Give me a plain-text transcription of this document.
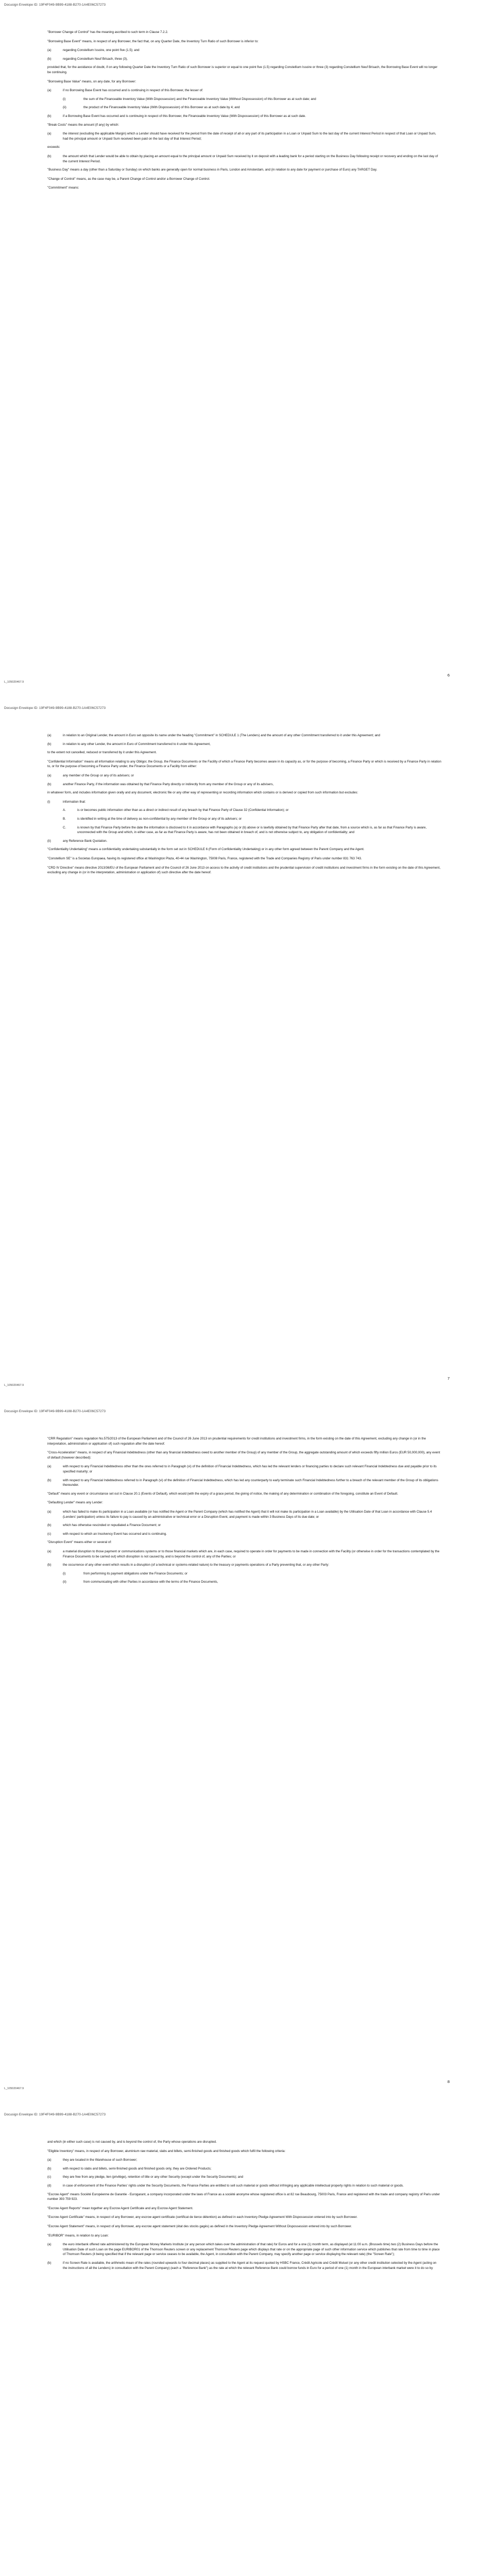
Docusign Envelope ID: 19F4F049-9B99-4188-B270-1A4E06C57273
"Borrower Change of Control" has the meaning ascribed to such term in Clause 7.2.2.
"Borrowing Base Event" means, in respect of any Borrower, the fact that, on any Quarter Date, the Inventory Turn Ratio of such Borrower is inferior to:
(a)	regarding Constellium Issoire, one point five (1.5); and
(b)	regarding Constellium Neuf Brisach, three (3),
provided that, for the avoidance of doubt, if on any following Quarter Date the Inventory Turn Ratio of such Borrower is superior or equal to one point five (1.5) regarding Constellium Issoire or three (3) regarding Constellium Neuf Brisach, the Borrowing Base Event will no longer be continuing.
"Borrowing Base Value" means, on any date, for any Borrower:
(a)	if no Borrowing Base Event has occurred and is continuing in respect of this Borrower, the lesser of:
(i)	the sum of the Financeable Inventory Value (With Dispossession) and the Financeable Inventory Value (Without Dispossession) of this Borrower as at such date; and
(ii)	the product of the Financeable Inventory Value (With Dispossession) of this Borrower as at such date by 4; and
(b)	if a Borrowing Base Event has occurred and is continuing in respect of this Borrower, the Financeable Inventory Value (With Dispossession) of this Borrower as at such date.
"Break Costs" means the amount (if any) by which:
(a)	the interest (excluding the applicable Margin) which a Lender should have received for the period from the date of receipt of all or any part of its participation in a Loan or Unpaid Sum to the last day of the current Interest Period in respect of that Loan or Unpaid Sum, had the principal amount or Unpaid Sum received been paid on the last day of that Interest Period;
exceeds:
(b)	the amount which that Lender would be able to obtain by placing an amount equal to the principal amount or Unpaid Sum received by it on deposit with a leading bank for a period starting on the Business Day following receipt or recovery and ending on the last day of the current Interest Period.
"Business Day" means a day (other than a Saturday or Sunday) on which banks are generally open for normal business in Paris, London and Amsterdam, and (in relation to any date for payment or purchase of Euro) any TARGET Day.
"Change of Control" means, as the case may be, a Parent Change of Control and/or a Borrower Change of Control.
"Commitment" means:
6
L_105020467.9
Docusign Envelope ID: 19F4F049-9B99-4188-B270-1A4E06C57273
(a)	in relation to an Original Lender, the amount in Euro set opposite its name under the heading "Commitment" in SCHEDULE 1 (The Lenders) and the amount of any other Commitment transferred to it under this Agreement; and
(b)	in relation to any other Lender, the amount in Euro of Commitment transferred to it under this Agreement,
to the extent not cancelled, reduced or transferred by it under this Agreement.
"Confidential Information" means all information relating to any Obligor, the Group, the Finance Documents or the Facility of which a Finance Party becomes aware in its capacity as, or for the purpose of becoming, a Finance Party or which is received by a Finance Party in relation to, or for the purpose of becoming a Finance Party under, the Finance Documents or a Facility from either:
(a)	any member of the Group or any of its advisers; or
(b)	another Finance Party, if the information was obtained by that Finance Party directly or indirectly from any member of the Group or any of its advisers,
in whatever form, and includes information given orally and any document, electronic file or any other way of representing or recording information which contains or is derived or copied from such information but excludes:
(i)	information that:
A.	is or becomes public information other than as a direct or indirect result of any breach by that Finance Party of Clause 32 (Confidential Information); or
B.	is identified in writing at the time of delivery as non-confidential by any member of the Group or any of its advisers; or
C.	is known by that Finance Party before the date the information is disclosed to it in accordance with Paragraphs (a) or (b) above or is lawfully obtained by that Finance Party after that date, from a source which is, as far as that Finance Party is aware, unconnected with the Group and which, in either case, as far as that Finance Party is aware, has not been obtained in breach of, and is not otherwise subject to, any obligation of confidentiality; and
(ii)	any Reference Bank Quotation.
"Confidentiality Undertaking" means a confidentiality undertaking substantially in the form set out in SCHEDULE 6 (Form of Confidentiality Undertaking) or in any other form agreed between the Parent Company and the Agent.
"Constellium SE" is a Societas Europaea, having its registered office at Washington Plaza, 40-44 rue Washington, 75008 Paris, France, registered with the Trade and Companies Registry of Paris under number 831 763 743.
"CRD IV Directive" means directive 2013/36/EU of the European Parliament and of the Council of 26 June 2013 on access to the activity of credit institutions and the prudential supervision of credit institutions and investment firms in the form existing on the date of this Agreement, excluding any change in (or in the interpretation, administration or application of) such directive after the date hereof.
7
L_105020467.9
Docusign Envelope ID: 19F4F049-9B99-4188-B270-1A4E06C57273
"CRR Regulation" means regulation No.575/2013 of the European Parliament and of the Council of 26 June 2013 on prudential requirements for credit institutions and investment firms, in the form existing on the date of this Agreement, excluding any change in (or in the interpretation, administration or application of) such regulation after the date hereof.
"Cross-Acceleration" means, in respect of any Financial Indebtedness (other than any financial indebtedness owed to another member of the Group) of any member of the Group, the aggregate outstanding amount of which exceeds fifty million Euros (EUR 50,000,000), any event of default (however described):
(a)	with respect to any Financial Indebtedness other than the ones referred to in Paragraph (vi) of the definition of Financial Indebtedness, which has led the relevant lenders or financing parties to declare such relevant Financial Indebtedness due and payable prior to its specified maturity; or
(b)	with respect to any Financial Indebtedness referred to in Paragraph (vi) of the definition of Financial Indebtedness, which has led any counterparty to early terminate such Financial Indebtedness further to a breach of the relevant member of the Group of its obligations thereunder.
"Default" means any event or circumstance set out in Clause 20.1 (Events of Default), which would (with the expiry of a grace period, the giving of notice, the making of any determination or combination of the foregoing, constitute an Event of Default.
"Defaulting Lender" means any Lender:
(a)	which has failed to make its participation in a Loan available (or has notified the Agent or the Parent Company (which has notified the Agent) that it will not make its participation in a Loan available) by the Utilisation Date of that Loan in accordance with Clause 5.4 (Lenders' participation) unless its failure to pay is caused by an administrative or technical error or a Disruption Event, and payment is made within 3 Business Days of its due date; or
(b)	which has otherwise rescinded or repudiated a Finance Document; or
(c)	with respect to which an Insolvency Event has occurred and is continuing.
"Disruption Event" means either or several of:
(a)	a material disruption to those payment or communications systems or to those financial markets which are, in each case, required to operate in order for payments to be made in connection with the Facility (or otherwise in order for the transactions contemplated by the Finance Documents to be carried out) which disruption is not caused by, and is beyond the control of, any of the Parties; or
(b)	the occurrence of any other event which results in a disruption (of a technical or systems-related nature) to the treasury or payments operations of a Party preventing that, or any other Party:
(i)	from performing its payment obligations under the Finance Documents; or
(ii)	from communicating with other Parties in accordance with the terms of the Finance Documents,
8
L_105020467.9
Docusign Envelope ID: 19F4F049-9B99-4188-B270-1A4E06C57273
and which (in either such case) is not caused by, and is beyond the control of, the Party whose operations are disrupted.
"Eligible Inventory" means, in respect of any Borrower, aluminium raw material, slabs and billets, semi-finished goods and finished goods which fulfil the following criteria:
(a)	they are located in the Warehouse of such Borrower;
(b)	with respect to slabs and billets, semi-finished goods and finished goods only, they are Ordered Products;
(c)	they are free from any pledge, lien (privilège), retention of title or any other Security (except under the Security Documents); and
(d)	in case of enforcement of the Finance Parties' rights under the Security Documents, the Finance Parties are entitled to sell such material or goods without infringing any applicable intellectual property rights in relation to such material or goods.
"Escrow Agent" means Société Européenne de Garantie - Eurogarant, a company incorporated under the laws of France as a société anonyme whose registered office is at 82 rue Beaubourg, 75003 Paris, France and registered with the trade and company registry of Paris under number 393 759 923.
"Escrow Agent Reports" mean together any Escrow Agent Certificate and any Escrow Agent Statement.
"Escrow Agent Certificate" means, in respect of any Borrower, any escrow agent certificate (certificat de tierce détention) as defined in each Inventory Pledge Agreement With Dispossession entered into by such Borrower.
"Escrow Agent Statement" means, in respect of any Borrower, any escrow agent statement (état des stocks gagés) as defined in the Inventory Pledge Agreement Without Dispossession entered into by such Borrower.
"EURIBOR" means, in relation to any Loan:
(a)	the euro interbank offered rate administered by the European Money Markets Institute (or any person which takes over the administration of that rate) for Euros and for a one (1) month term, as displayed (at 11:00 a.m. (Brussels time) two (2) Business Days before the Utilisation Date of such Loan on the page EURIBOR01 of the Thomson Reuters screen or any replacement Thomson Reuters page which displays that rate or on the appropriate page of such other information service which publishes that rate from time to time in place of Thomson Reuters (it being specified that if the relevant page or service ceases to be available, the Agent, in consultation with the Parent Company, may specify another page or service displaying the relevant rate) (the "Screen Rate");
(b)	if no Screen Rate is available, the arithmetic mean of the rates (rounded upwards to four decimal places) as supplied to the Agent at its request quoted by HSBC France, Crédit Agricole and Crédit Mutuel (or any other credit institution selected by the Agent (acting on the instructions of all the Lenders) in consultation with the Parent Company) (each a "Reference Bank") as the rate at which the relevant Reference Bank could borrow funds in Euro for a period of one (1) month in the European interbank market were it to do so by
